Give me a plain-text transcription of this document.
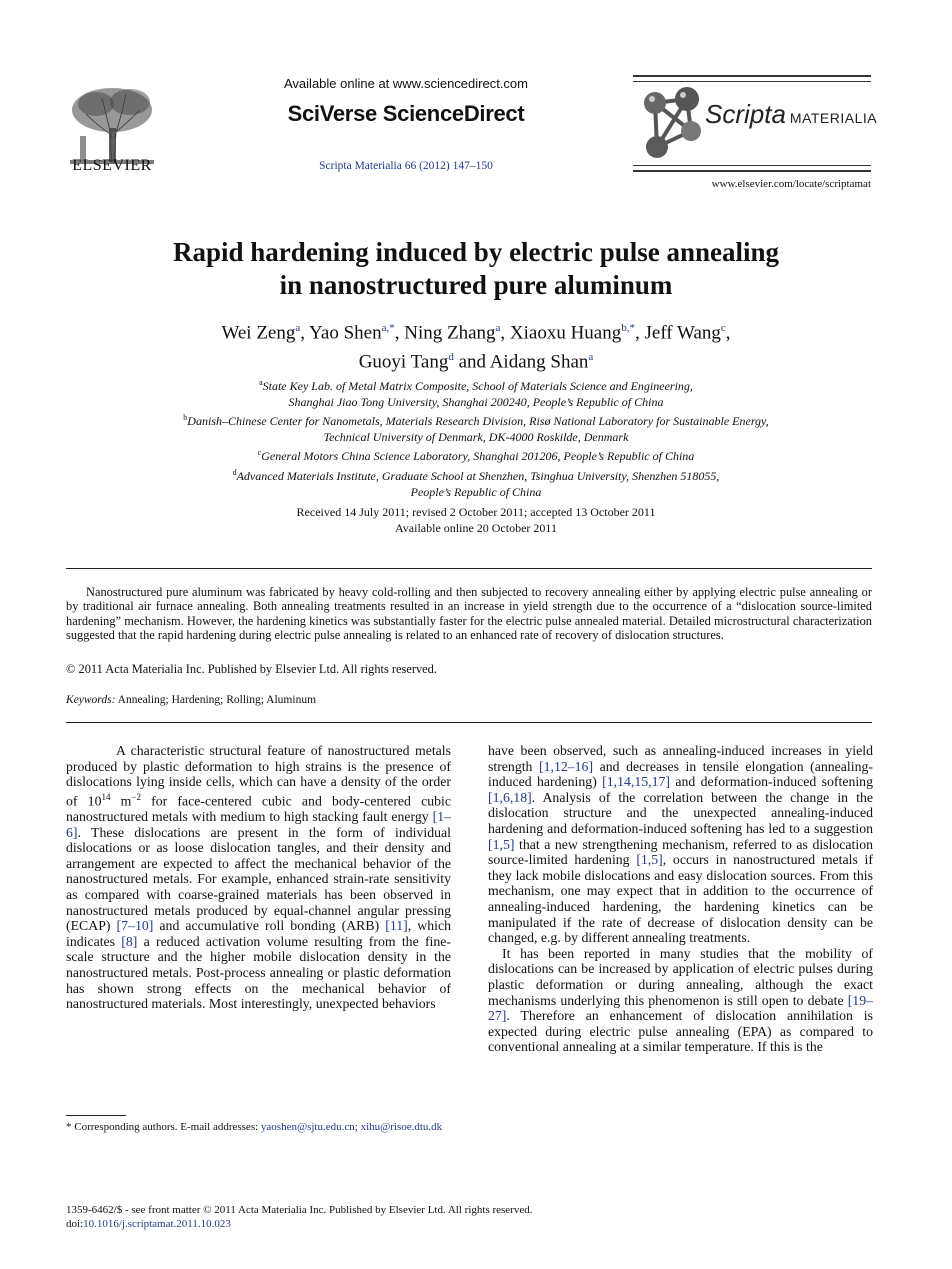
ELSEVIER
Available online at www.sciencedirect.com
SciVerse ScienceDirect
Scripta Materialia 66 (2012) 147–150
Scripta MATERIALIA
www.elsevier.com/locate/scriptamat
Rapid hardening induced by electric pulse annealing
in nanostructured pure aluminum
Wei Zeng$^a$, Yao Shen$^{a,*}$, Ning Zhang$^a$, Xiaoxu Huang$^{b,*}$, Jeff Wang$^c$,
Guoyi Tang$^d$ and Aidang Shan$^a$
$^a$State Key Lab. of Metal Matrix Composite, School of Materials Science and Engineering,
Shanghai Jiao Tong University, Shanghai 200240, People’s Republic of China
$^b$Danish–Chinese Center for Nanometals, Materials Research Division, Risø National Laboratory for Sustainable Energy,
Technical University of Denmark, DK-4000 Roskilde, Denmark
$^c$General Motors China Science Laboratory, Shanghai 201206, People’s Republic of China
$^d$Advanced Materials Institute, Graduate School at Shenzhen, Tsinghua University, Shenzhen 518055,
People’s Republic of China
Received 14 July 2011; revised 2 October 2011; accepted 13 October 2011
Available online 20 October 2011
Nanostructured pure aluminum was fabricated by heavy cold-rolling and then subjected to recovery annealing either by applying electric pulse annealing or by traditional air furnace annealing. Both annealing treatments resulted in an increase in yield strength due to the occurrence of a “dislocation source-limited hardening” mechanism. However, the hardening kinetics was substantially faster for the electric pulse annealed material. Detailed microstructural characterization suggested that the rapid hardening during electric pulse annealing is related to an enhanced rate of recovery of dislocation structures.
© 2011 Acta Materialia Inc. Published by Elsevier Ltd. All rights reserved.
Keywords: Annealing; Hardening; Rolling; Aluminum

A characteristic structural feature of nanostructured metals produced by plastic deformation to high strains is the presence of dislocations lying inside cells, which can have a density of the order of $10^{14}$ $m^{-2}$ for face-centered cubic and body-centered cubic nanostructured metals with medium to high stacking fault energy [1–6]. These dislocations are present in the form of individual dislocations or as loose dislocation tangles, and their density and arrangement are expected to affect the mechanical behavior of the nanostructured metals. For example, enhanced strain-rate sensitivity as compared with coarse-grained materials has been observed in nanostructured metals produced by equal-channel angular pressing (ECAP) [7–10] and accumulative roll bonding (ARB) [11], which indicates [8] a reduced activation volume resulting from the fine-scale structure and the higher mobile dislocation density in the nanostructured metals. Post-process annealing or plastic deformation has shown strong effects on the mechanical behavior of nanostructured materials. Most interestingly, unexpected behaviors

have been observed, such as annealing-induced increases in yield strength [1,12–16] and decreases in tensile elongation (annealing-induced hardening) [1,14,15,17] and deformation-induced softening [1,6,18]. Analysis of the correlation between the change in the dislocation structure and the unexpected annealing-induced hardening and deformation-induced softening has led to a suggestion [1,5] that a new strengthening mechanism, referred to as dislocation source-limited hardening [1,5], occurs in nanostructured metals if they lack mobile dislocations and easy dislocation sources. From this mechanism, one may expect that in addition to the occurrence of annealing-induced hardening, the hardening kinetics can be manipulated if the rate of decrease of dislocation density can be changed, e.g. by different annealing treatments.

It has been reported in many studies that the mobility of dislocations can be increased by application of electric pulses during plastic deformation or during annealing, although the exact mechanisms underlying this phenomenon is still open to debate [19–27]. Therefore an enhancement of dislocation annihilation is expected during electric pulse annealing (EPA) as compared to conventional annealing at a similar temperature. If this is the

* Corresponding authors. E-mail addresses: yaoshen@sjtu.edu.cn; xihu@risoe.dtu.dk
1359-6462/$ - see front matter © 2011 Acta Materialia Inc. Published by Elsevier Ltd. All rights reserved.
doi:10.1016/j.scriptamat.2011.10.023
